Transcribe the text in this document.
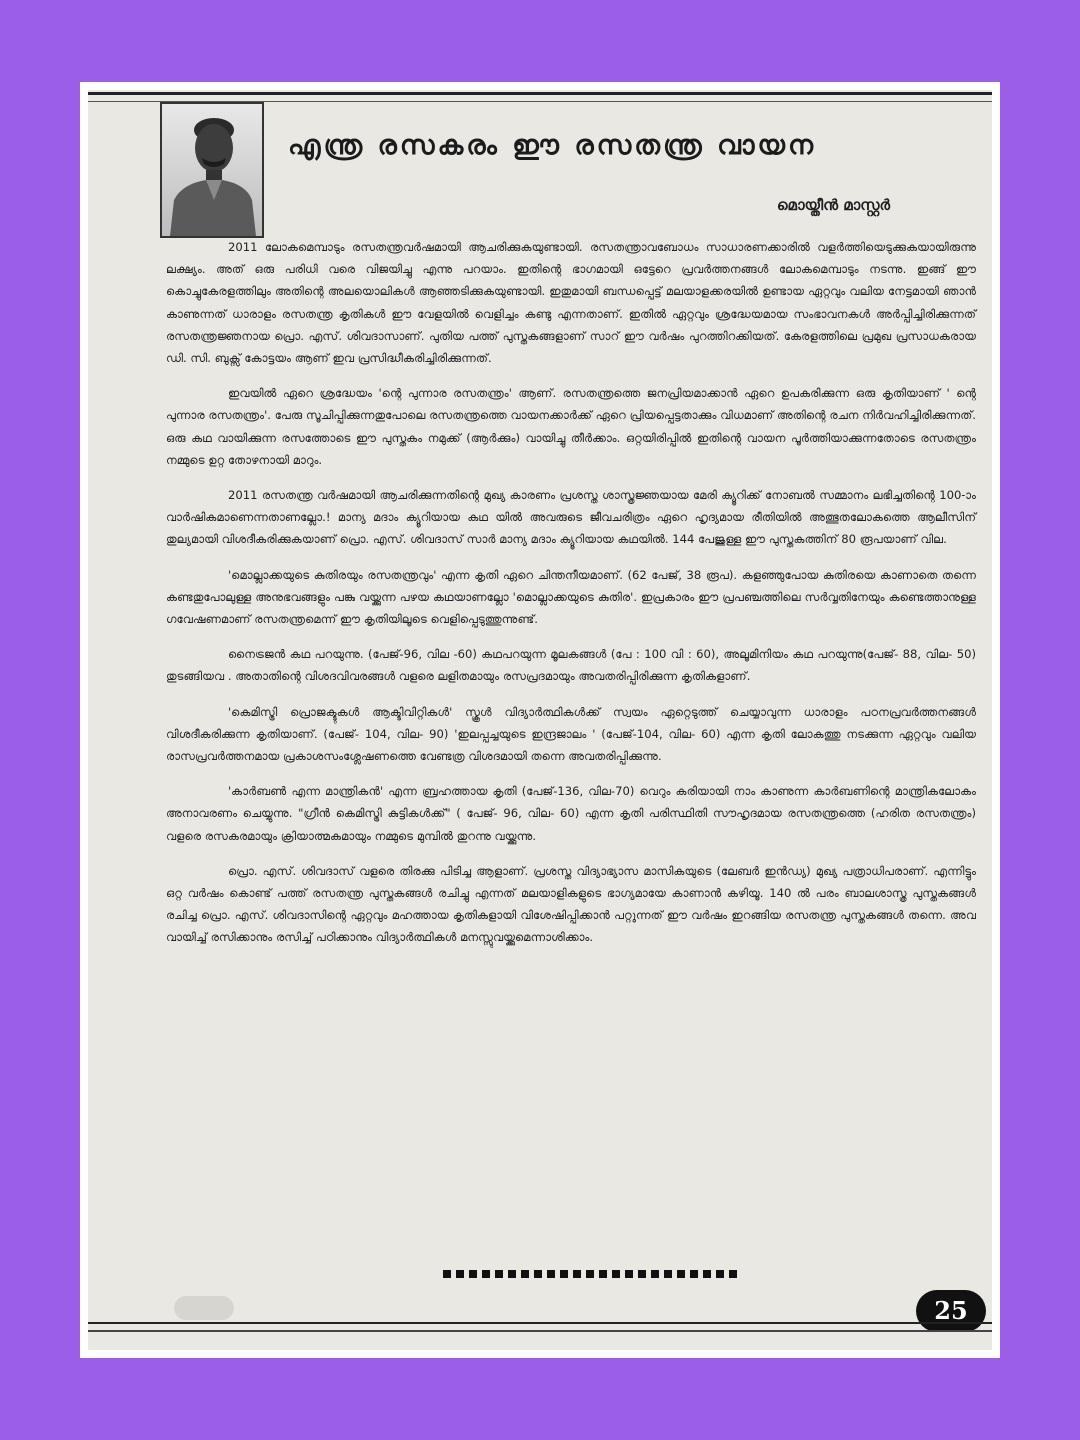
എന്ത്ര രസകരം ഈ രസതന്ത്ര വായന
മൊയ്തീൻ മാസ്റ്റർ

2011 ലോകമെമ്പാടും രസതന്ത്രവർഷമായി ആചരിക്കുകയുണ്ടായി. രസതന്ത്രാവബോധം സാധാരണക്കാരിൽ വളർത്തിയെടുക്കുകയായിരുന്നു ലക്ഷ്യം. അത് ഒരു പരിധി വരെ വിജയിച്ചു എന്നു പറയാം. ഇതിന്റെ ഭാഗമായി ഒട്ടേറെ പ്രവർത്തനങ്ങൾ ലോകമെമ്പാടും നടന്നു. ഇങ്ങ് ഈ കൊച്ചുകേരളത്തിലും അതിന്റെ അലയൊലികൾ ആഞ്ഞടിക്കുകയുണ്ടായി. ഇതുമായി ബന്ധപ്പെട്ട് മലയാളക്കരയിൽ ഉണ്ടായ ഏറ്റവും വലിയ നേട്ടമായി ഞാൻ കാണുന്നത് ധാരാളം രസതന്ത്ര കൃതികൾ ഈ വേളയിൽ വെളിച്ചം കണ്ടു എന്നതാണ്. ഇതിൽ ഏറ്റവും ശ്രദ്ധേയമായ സംഭാവനകൾ അർപ്പിച്ചിരിക്കുന്നത് രസതന്ത്രജ്ഞനായ പ്രൊ. എസ്. ശിവദാസാണ്. പുതിയ പത്ത് പുസ്തകങ്ങളാണ് സാറ് ഈ വർഷം പുറത്തിറക്കിയത്. കേരളത്തിലെ പ്രമുഖ പ്രസാധകരായ ഡി. സി. ബുക്സ് കോട്ടയം ആണ് ഇവ പ്രസിദ്ധീകരിച്ചിരിക്കുന്നത്.

ഇവയിൽ ഏറെ ശ്രദ്ധേയം 'ന്റെ പുന്നാര രസതന്ത്രം' ആണ്. രസതന്ത്രത്തെ ജനപ്രിയമാക്കാൻ ഏറെ ഉപകരിക്കുന്ന ഒരു കൃതിയാണ് ' ന്റെ പുന്നാര രസതന്ത്രം'. പേരു സൂചിപ്പിക്കുന്നതുപോലെ രസതന്ത്രത്തെ വായനക്കാർക്ക് ഏറെ പ്രിയപ്പെട്ടതാക്കും വിധമാണ് അതിന്റെ രചന നിർവഹിച്ചിരിക്കുന്നത്. ഒരു കഥ വായിക്കുന്ന രസത്തോടെ ഈ പുസ്തകം നമുക്ക് (ആർക്കും) വായിച്ചു തീർക്കാം. ഒറ്റയിരിപ്പിൽ ഇതിന്റെ വായന പൂർത്തിയാക്കുന്നതോടെ രസതന്ത്രം നമ്മുടെ ഉറ്റ തോഴനായി മാറും.

2011 രസതന്ത്ര വർഷമായി ആചരിക്കുന്നതിന്റെ മുഖ്യ കാരണം പ്രശസ്ത ശാസ്ത്രജ്ഞയായ മേരി ക്യൂറിക്ക് നോബൽ സമ്മാനം ലഭിച്ചതിന്റെ 100-ാം വാർഷികമാണെന്നതാണല്ലോ.! മാന്യ മദാം ക്യൂറിയായ കഥ യിൽ അവരുടെ ജീവചരിത്രം ഏറെ ഹൃദ്യമായ രീതിയിൽ അത്ഭുതലോകത്തെ ആലീസിന് തുല്യമായി വിശദീകരിക്കുകയാണ് പ്രൊ. എസ്. ശിവദാസ് സാർ മാന്യ മദാം ക്യൂറിയായ കഥയിൽ. 144 പേജുള്ള ഈ പുസ്തകത്തിന് 80 രൂപയാണ് വില.

'മൊല്ലാക്കയുടെ കുതിരയും രസതന്ത്രവും' എന്ന കൃതി ഏറെ ചിന്തനീയമാണ്. (62 പേജ്, 38 രൂപ). കളഞ്ഞുപോയ കുതിരയെ കാണാതെ തന്നെ കണ്ടതുപോലുള്ള അനുഭവങ്ങളും പങ്കു വയ്ക്കുന്ന പഴയ കഥയാണല്ലോ 'മൊല്ലാക്കയുടെ കുതിര'. ഇപ്രകാരം ഈ പ്രപഞ്ചത്തിലെ സർവ്വതിനേയും കണ്ടെത്താനുള്ള ഗവേഷണമാണ് രസതന്ത്രമെന്ന് ഈ കൃതിയിലൂടെ വെളിപ്പെടുത്തുന്നുണ്ട്.

നൈട്രജൻ കഥ പറയുന്നു. (പേജ്-96, വില -60) കഥപറയുന്ന മൂലകങ്ങൾ (പേ : 100 വി : 60), അലൂമിനിയം കഥ പറയുന്നു(പേജ്- 88, വില- 50) തുടങ്ങിയവ . അതാതിന്റെ വിശദവിവരങ്ങൾ വളരെ ലളിതമായും രസപ്രദമായും അവതരിപ്പിരിക്കുന്ന കൃതികളാണ്.

'കെമിസ്ട്രി പ്രൊജക്ടുകൾ ആക്ടിവിറ്റികൾ' സ്കൂൾ വിദ്യാർത്ഥികൾക്ക് സ്വയം ഏറ്റെടുത്ത് ചെയ്യാവുന്ന ധാരാളം പഠനപ്രവർത്തനങ്ങൾ വിശദീകരിക്കുന്ന കൃതിയാണ്. (പേജ്- 104, വില- 90) 'ഇലപ്പച്ചയുടെ ഇന്ദ്രജാലം ' (പേജ്-104, വില- 60) എന്ന കൃതി ലോകത്തു നടക്കുന്ന ഏറ്റവും വലിയ രാസപ്രവർത്തനമായ പ്രകാശസംശ്ലേഷണത്തെ വേണ്ടത്ര വിശദമായി തന്നെ അവതരിപ്പിക്കുന്നു.

'കാർബൺ എന്ന മാന്ത്രികൻ' എന്ന ബ്രഹത്തായ കൃതി (പേജ്-136, വില-70) വെറും കരിയായി നാം കാണുന്ന കാർബണിന്റെ മാന്ത്രികലോകം അനാവരണം ചെയ്യുന്നു. "ഗ്രീൻ കെമിസ്ട്രി കുട്ടികൾക്ക്" ( പേജ്- 96, വില- 60) എന്ന കൃതി പരിസ്ഥിതി സൗഹൃദമായ രസതന്ത്രത്തെ (ഹരിത രസതന്ത്രം) വളരെ രസകരമായും ക്രിയാത്മകമായും നമ്മുടെ മുമ്പിൽ തുറന്നു വയ്ക്കുന്നു.

പ്രൊ. എസ്. ശിവദാസ് വളരെ തിരക്കു പിടിച്ച ആളാണ്. പ്രശസ്ത വിദ്യാഭ്യാസ മാസികയുടെ (ലേബർ ഇൻഡ്യ) മുഖ്യ പത്രാധിപരാണ്. എന്നിട്ടും ഒറ്റ വർഷം കൊണ്ട് പത്ത് രസതന്ത്ര പുസ്തകങ്ങൾ രചിച്ചു എന്നത് മലയാളികളുടെ ഭാഗ്യമായേ കാണാൻ കഴിയൂ. 140 ൽ പരം ബാലശാസ്ത്ര പുസ്തകങ്ങൾ രചിച്ച പ്രൊ. എസ്. ശിവദാസിന്റെ ഏറ്റവും മഹത്തായ കൃതികളായി വിശേഷിപ്പിക്കാൻ പറ്റുന്നത് ഈ വർഷം ഇറങ്ങിയ രസതന്ത്ര പുസ്തകങ്ങൾ തന്നെ. അവ വായിച്ച് രസിക്കാനും രസിച്ച് പഠിക്കാനും വിദ്യാർത്ഥികൾ മനസ്സുവയ്ക്കുമെന്നാശിക്കാം.

25
